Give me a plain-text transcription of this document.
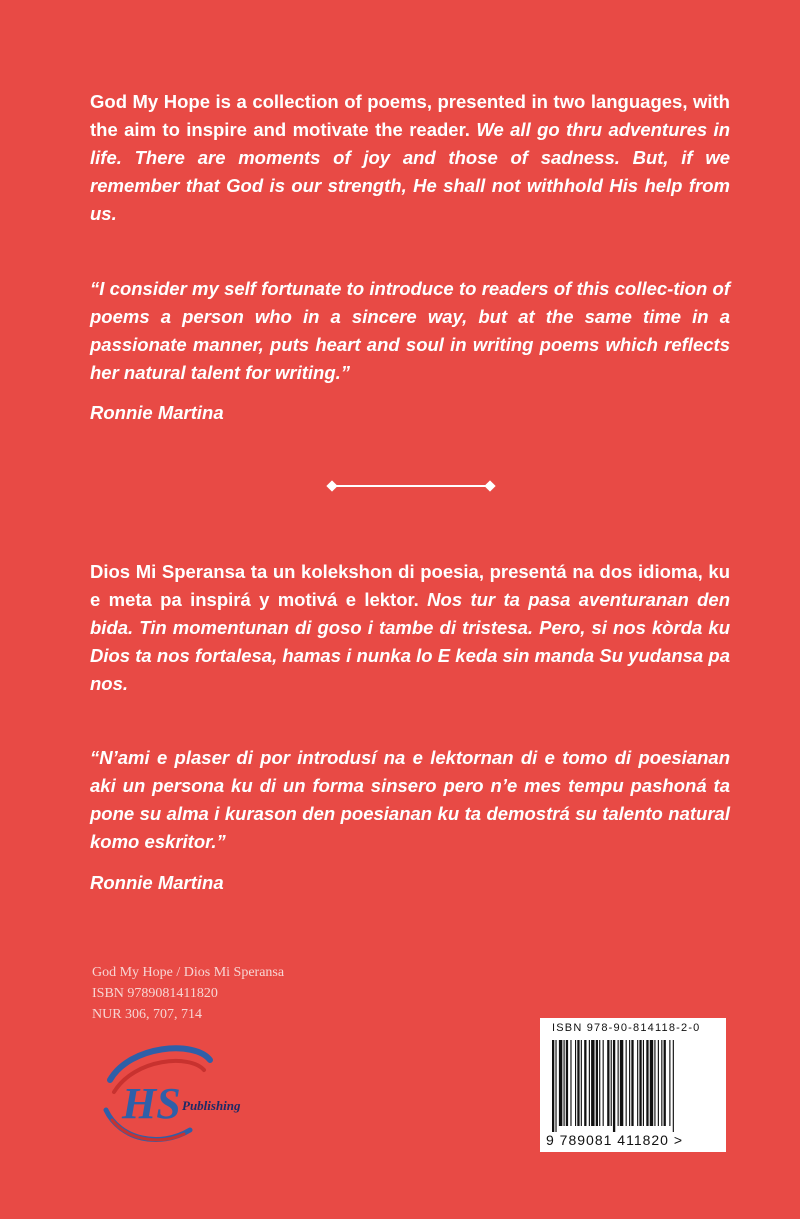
God My Hope is a collection of poems, presented in two languages, with the aim to inspire and motivate the reader. We all go thru adventures in life. There are moments of joy and those of sadness. But, if we remember that God is our strength, He shall not withhold His help from us.
“I consider my self fortunate to introduce to readers of this collec-tion of poems a person who in a sincere way, but at the same time in a passionate manner, puts heart and soul in writing poems which reflects her natural talent for writing.”
Ronnie Martina
Dios Mi Speransa ta un kolekshon di poesia, presentá na dos idioma, ku e meta pa inspirá y motivá e lektor. Nos tur ta pasa aventuranan den bida. Tin momentunan di goso i tambe di tristesa. Pero, si nos kòrda ku Dios ta nos fortalesa, hamas i nunka lo E keda sin manda Su yudansa pa nos.
“N’ami e plaser di por introdusí na e lektornan di e tomo di poesianan aki un persona ku di un forma sinsero pero n’e mes tempu pashoná ta pone su alma i kurason den poesianan ku ta demostrá su talento natural komo eskritor.”
Ronnie Martina
God My Hope / Dios Mi Speransa
ISBN 9789081411820
NUR 306, 707, 714
HS Publishing
ISBN 978-90-814118-2-0
9 789081 411820 >
